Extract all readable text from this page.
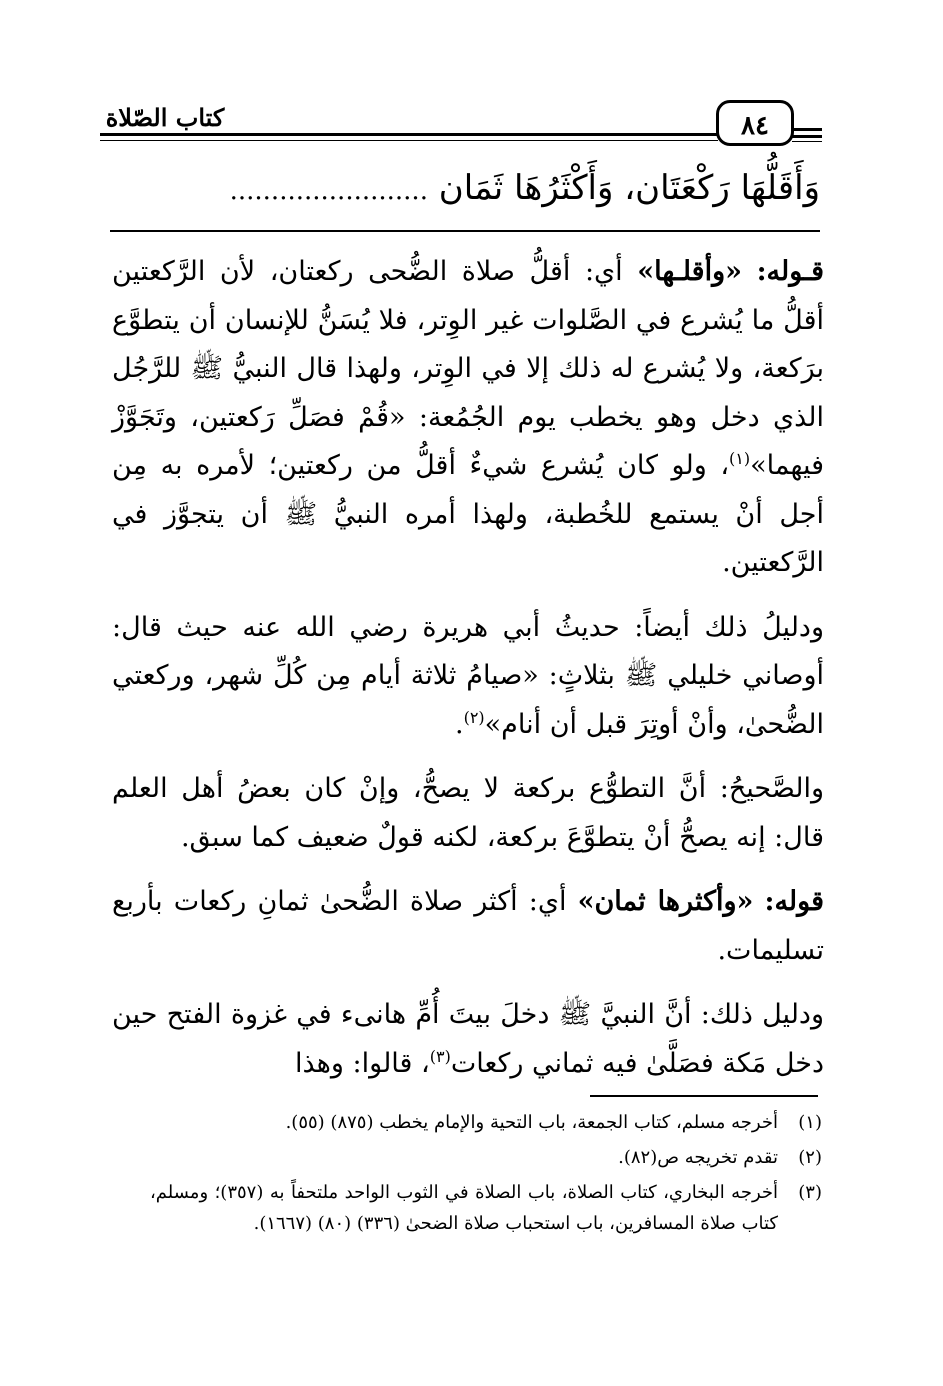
كتاب الصّلاة	٨٤
وَأَقَلُّهَا رَكْعَتَان، وَأَكْثَرُهَا ثَمَان ........................

قـوله: «وأقلـها» أي: أقلُّ صلاة الضُّحى ركعتان، لأن الرَّكعتين أقلُّ ما يُشرع في الصَّلوات غير الوِتر، فلا يُسَنُّ للإنسان أن يتطوَّع برَكعة، ولا يُشرع له ذلك إلا في الوِتر، ولهذا قال النبيُّ ﷺ للرَّجُل الذي دخل وهو يخطب يوم الجُمُعة: «قُمْ فصَلِّ رَكعتين، وتَجَوَّزْ فيهما»$^{(١)}$، ولو كان يُشرع شيءٌ أقلُّ من ركعتين؛ لأمره به مِن أجل أنْ يستمع للخُطبة، ولهذا أمره النبيُّ ﷺ أن يتجوَّز في الرَّكعتين.

ودليلُ ذلك أيضاً: حديثُ أبي هريرة رضي الله عنه حيث قال: أوصاني خليلي ﷺ بثلاثٍ: «صيامُ ثلاثة أيام مِن كُلِّ شهر، وركعتي الضُّحىٰ، وأنْ أوتِرَ قبل أن أنام»$^{(٢)}$.

والصَّحيحُ: أنَّ التطوُّع بركعة لا يصحُّ، وإنْ كان بعضُ أهل العلم قال: إنه يصحُّ أنْ يتطوَّعَ بركعة، لكنه قولٌ ضعيف كما سبق.

قوله: «وأكثرها ثمان» أي: أكثر صلاة الضُّحىٰ ثمانِ ركعات بأربع تسليمات.

ودليل ذلك: أنَّ النبيَّ ﷺ دخلَ بيتَ أُمِّ هانىء في غزوة الفتح حين دخل مَكة فصَلَّىٰ فيه ثماني ركعات$^{(٣)}$، قالوا: وهذا

(١)
أخرجه مسلم، كتاب الجمعة، باب التحية والإمام يخطب (٨٧٥) (٥٥).
(٢)
تقدم تخريجه ص(٨٢).
(٣)
أخرجه البخاري، كتاب الصلاة، باب الصلاة في الثوب الواحد ملتحفاً به (٣٥٧)؛ ومسلم، كتاب صلاة المسافرين، باب استحباب صلاة الضحىٰ (٣٣٦) (٨٠) (١٦٦٧).
